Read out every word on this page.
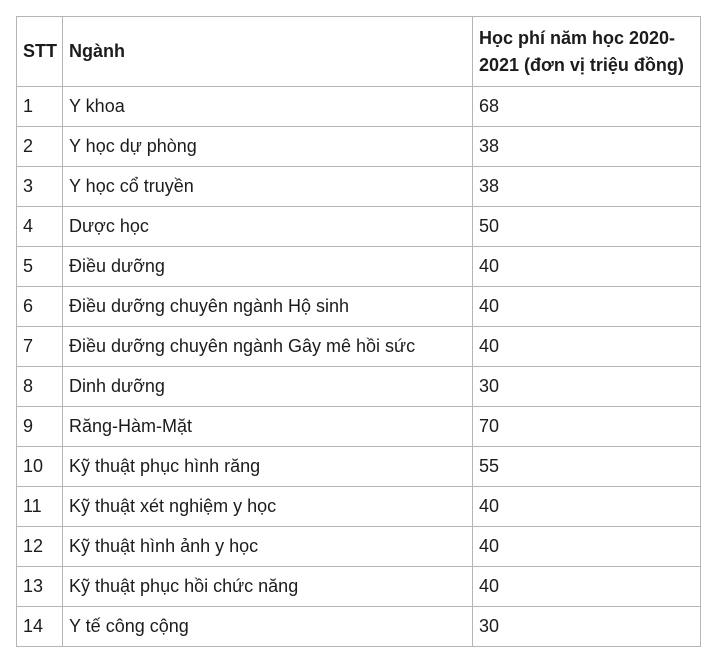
STT	Ngành	Học phí năm học 2020-2021 (đơn vị triệu đồng)
1	Y khoa	68
2	Y học dự phòng	38
3	Y học cổ truyền	38
4	Dược học	50
5	Điều dưỡng	40
6	Điều dưỡng chuyên ngành Hộ sinh	40
7	Điều dưỡng chuyên ngành Gây mê hồi sức	40
8	Dinh dưỡng	30
9	Răng-Hàm-Mặt	70
10	Kỹ thuật phục hình răng	55
11	Kỹ thuật xét nghiệm y học	40
12	Kỹ thuật hình ảnh y học	40
13	Kỹ thuật phục hồi chức năng	40
14	Y tế công cộng	30
